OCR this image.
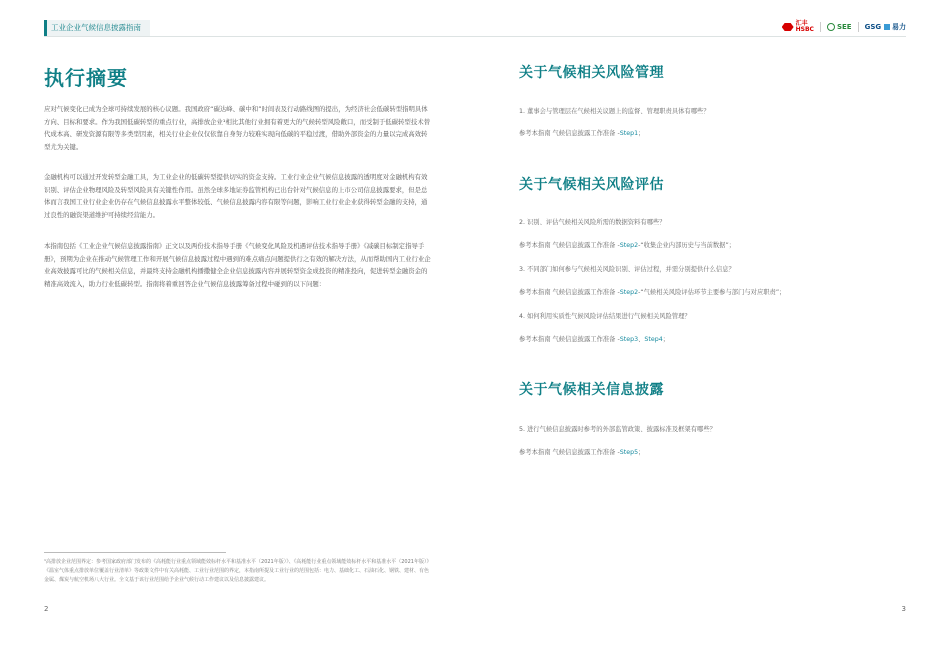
工业企业气候信息披露指南	汇丰
HSBC	SEE GSG 易力
执行摘要

应对气候变化已成为全球可持续发展的核心议题。我国政府“碳达峰、碳中和”时间表及行动路线图的提出，为经济社会低碳转型指明具体方向、目标和要求。作为我国低碳转型的重点行业，高排放企业¹相比其他行业拥有着更大的气候转型风险敞口，而受制于低碳转型技术替代成本高、研发资源有限等多类型因素，相关行业企业仅仅依靠自身努力较难实现向低碳的平稳过渡，借助外部资金的力量以完成高效转型尤为关键。

金融机构可以通过开发转型金融工具，为工业企业的低碳转型提供切实的资金支持。工业行业企业气候信息披露的透明度对金融机构有效识别、评估企业物理风险及转型风险具有关键性作用。虽然全球多地证券监管机构已出台针对气候信息的上市公司信息披露要求，但是总体而言我国工业行业企业仍存在气候信息披露水平整体较低、气候信息披露内容有限等问题，影响工业行业企业获得转型金融的支持，通过良性的融资渠道维护可持续经营能力。

本指南包括《工业企业气候信息披露指南》正文以及两份技术指导手册《气候变化风险及机遇评估技术指导手册》《减碳目标制定指导手册》，预期为企业在推动气候管理工作和开展气候信息披露过程中遇到的难点痛点问题提供行之有效的解决方法，从而帮助国内工业行业企业高效披露可比的气候相关信息，并最终支持金融机构播撒健全企业信息披露内容并展转型资金成投资的精准投向，促进转型金融资金的精准高效流入，助力行业低碳转型。指南将着重回答企业气候信息披露筹备过程中碰到的以下问题：

¹高排放企业范围界定：参考国家政府部门发布的《高耗能行业重点领域能效标杆水平和基准水平（2021年版）》、《高耗能行业重点领域能效标杆水平和基准水平（2021年版）》《温室气体重点排放单位覆盖行业清单》等政策文件中有关高耗能、工业行业范围的界定，本指南所提及工业行业的范围包括：电力、基础化工、石油石化、钢铁、建材、有色金属、煤炭与航空机场八大行业。全文基于该行业范围给予企业气候行动工作建议以及信息披露建议。

2
关于气候相关风险管理
1. 董事会与管理层在气候相关议题上的监督、管理职责具体有哪些？
参考本指南 气候信息披露工作准备 -Step1；
关于气候相关风险评估
2. 识别、评估气候相关风险所需的数据资料有哪些？
参考本指南 气候信息披露工作准备 -Step2-“收集企业内部历史与当前数据”；
3. 不同部门如何参与气候相关风险识别、评估过程，并需分别提供什么信息？
参考本指南 气候信息披露工作准备 -Step2-“气候相关风险评估环节主要参与部门与对应职责”；
4. 如何利用实质性气候风险评估结果进行气候相关风险管理？
参考本指南 气候信息披露工作准备 -Step3、Step4；
关于气候相关信息披露
5. 进行气候信息披露时参考的外部监管政策、披露标准及框架有哪些？
参考本指南 气候信息披露工作准备 -Step5；
3
